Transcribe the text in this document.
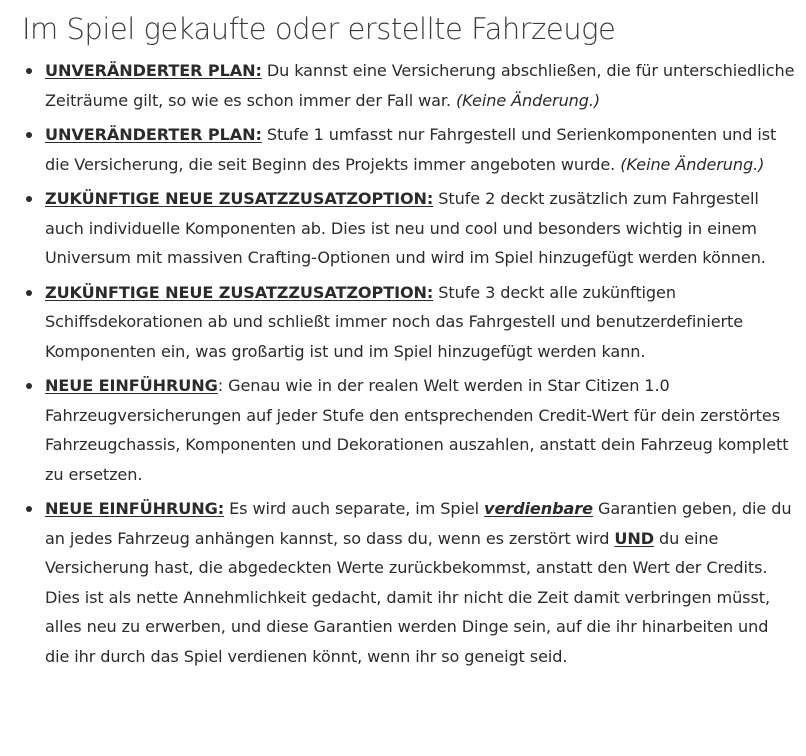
Im Spiel gekaufte oder erstellte Fahrzeuge
UNVERÄNDERTER PLAN: Du kannst eine Versicherung abschließen, die für unterschiedliche Zeiträume gilt, so wie es schon immer der Fall war. (Keine Änderung.)
UNVERÄNDERTER PLAN: Stufe 1 umfasst nur Fahrgestell und Serienkomponenten und ist die Versicherung, die seit Beginn des Projekts immer angeboten wurde. (Keine Änderung.)
ZUKÜNFTIGE NEUE ZUSATZZUSATZOPTION: Stufe 2 deckt zusätzlich zum Fahrgestell auch individuelle Komponenten ab. Dies ist neu und cool und besonders wichtig in einem Universum mit massiven Crafting-Optionen und wird im Spiel hinzugefügt werden können.
ZUKÜNFTIGE NEUE ZUSATZZUSATZOPTION: Stufe 3 deckt alle zukünftigen Schiffsdekorationen ab und schließt immer noch das Fahrgestell und benutzerdefinierte Komponenten ein, was großartig ist und im Spiel hinzugefügt werden kann.
NEUE EINFÜHRUNG: Genau wie in der realen Welt werden in Star Citizen 1.0 Fahrzeugversicherungen auf jeder Stufe den entsprechenden Credit-Wert für dein zerstörtes Fahrzeugchassis, Komponenten und Dekorationen auszahlen, anstatt dein Fahrzeug komplett zu ersetzen.
NEUE EINFÜHRUNG: Es wird auch separate, im Spiel verdienbare Garantien geben, die du an jedes Fahrzeug anhängen kannst, so dass du, wenn es zerstört wird UND du eine Versicherung hast, die abgedeckten Werte zurückbekommst, anstatt den Wert der Credits. Dies ist als nette Annehmlichkeit gedacht, damit ihr nicht die Zeit damit verbringen müsst, alles neu zu erwerben, und diese Garantien werden Dinge sein, auf die ihr hinarbeiten und die ihr durch das Spiel verdienen könnt, wenn ihr so geneigt seid.
